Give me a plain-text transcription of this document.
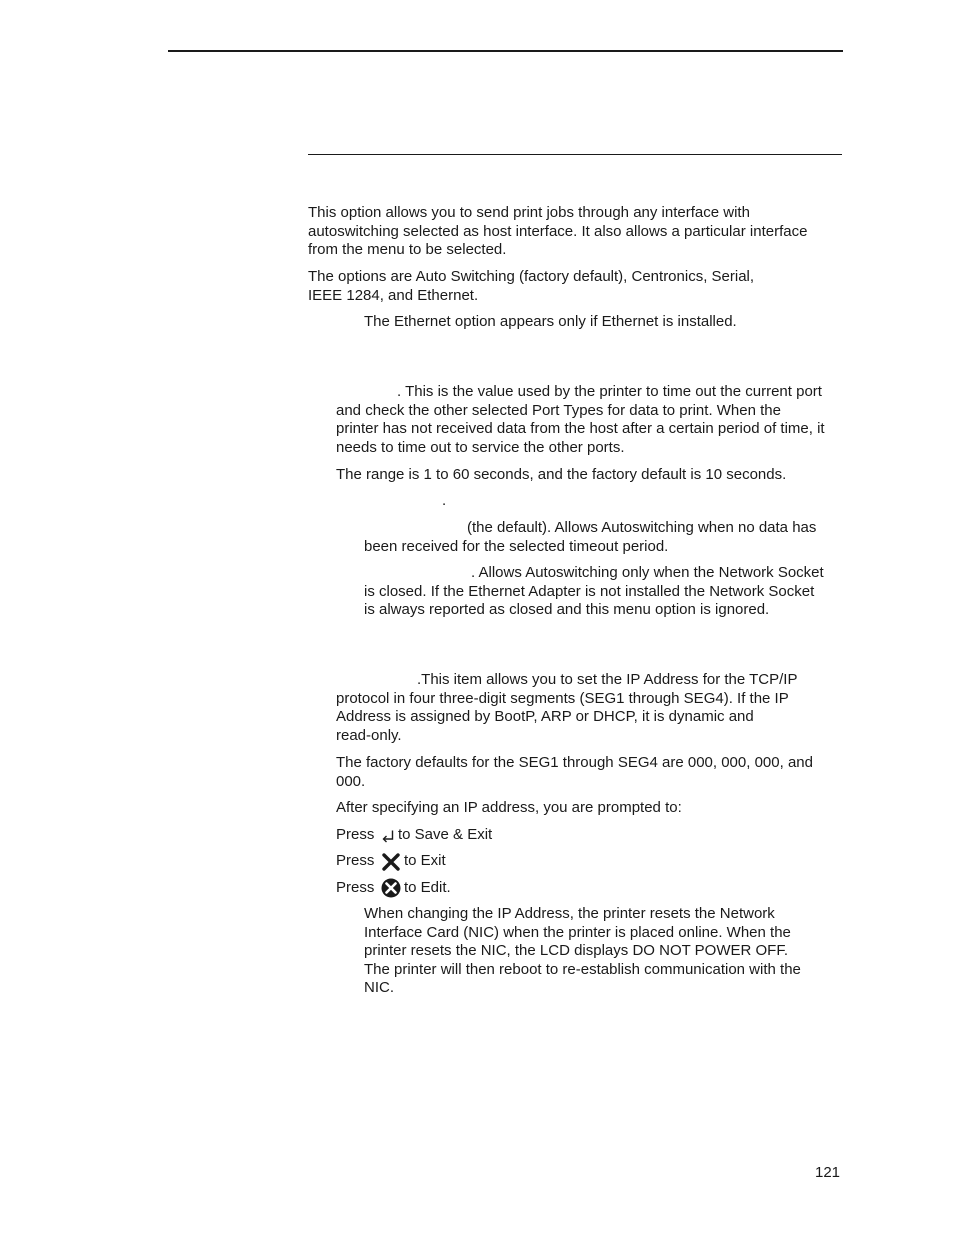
This option allows you to send print jobs through any interface with
autoswitching selected as host interface. It also allows a particular interface
from the menu to be selected.
The options are Auto Switching (factory default), Centronics, Serial,
IEEE 1284, and Ethernet.
The Ethernet option appears only if Ethernet is installed.
. This is the value used by the printer to time out the current port
and check the other selected Port Types for data to print. When the
printer has not received data from the host after a certain period of time, it
needs to time out to service the other ports.
The range is 1 to 60 seconds, and the factory default is 10 seconds.
.
(the default). Allows Autoswitching when no data has
been received for the selected timeout period.
. Allows Autoswitching only when the Network Socket
is closed. If the Ethernet Adapter is not installed the Network Socket
is always reported as closed and this menu option is ignored.
.This item allows you to set the IP Address for the TCP/IP
protocol in four three-digit segments (SEG1 through SEG4). If the IP
Address is assigned by BootP, ARP or DHCP, it is dynamic and
read-only.
The factory defaults for the SEG1 through SEG4 are 000, 000, 000, and
000.
After specifying an IP address, you are prompted to:
Press to Save & Exit
Press to Exit
Press to Edit.
When changing the IP Address, the printer resets the Network
Interface Card (NIC) when the printer is placed online. When the
printer resets the NIC, the LCD displays DO NOT POWER OFF.
The printer will then reboot to re-establish communication with the
NIC.
121
